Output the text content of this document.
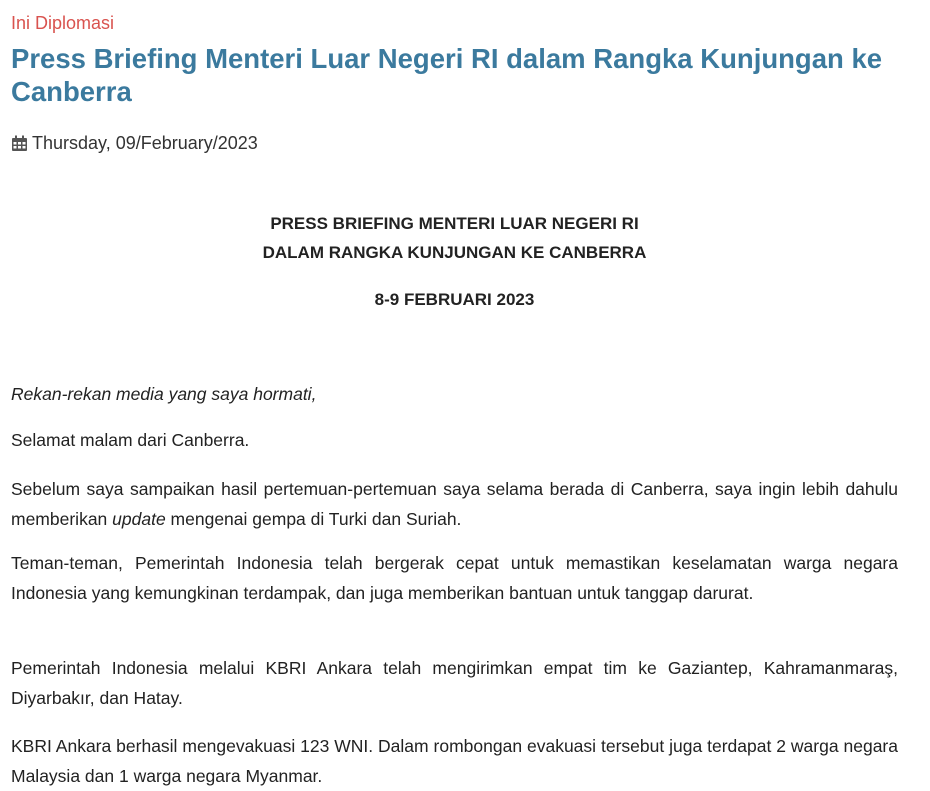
Ini Diplomasi
Press Briefing Menteri Luar Negeri RI dalam Rangka Kunjungan ke Canberra
Thursday, 09/February/2023
PRESS BRIEFING MENTERI LUAR NEGERI RI
DALAM RANGKA KUNJUNGAN KE CANBERRA
8-9 FEBRUARI 2023

Rekan-rekan media yang saya hormati,

Selamat malam dari Canberra.

Sebelum saya sampaikan hasil pertemuan-pertemuan saya selama berada di Canberra, saya ingin lebih dahulu memberikan update mengenai gempa di Turki dan Suriah.

Teman-teman, Pemerintah Indonesia telah bergerak cepat untuk memastikan keselamatan warga negara Indonesia yang kemungkinan terdampak, dan juga memberikan bantuan untuk tanggap darurat.

Pemerintah Indonesia melalui KBRI Ankara telah mengirimkan empat tim ke Gaziantep, Kahramanmaraş, Diyarbakır, dan Hatay.

KBRI Ankara berhasil mengevakuasi 123 WNI. Dalam rombongan evakuasi tersebut juga terdapat 2 warga negara Malaysia dan 1 warga negara Myanmar.
